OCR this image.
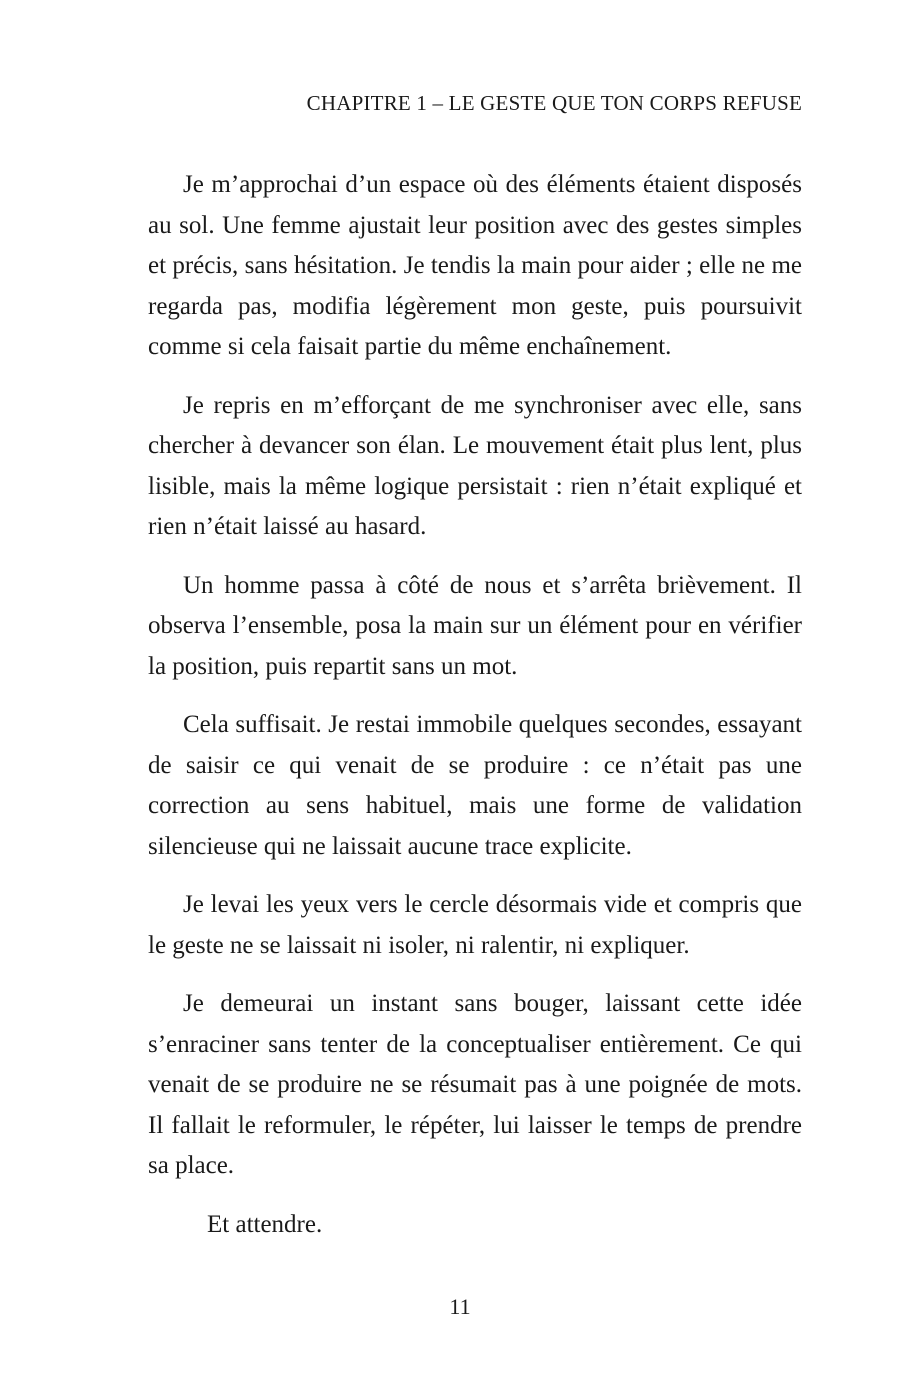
CHAPITRE 1 – LE GESTE QUE TON CORPS REFUSE

Je m’approchai d’un espace où des éléments étaient disposés au sol. Une femme ajustait leur position avec des gestes simples et précis, sans hésitation. Je tendis la main pour aider ; elle ne me regarda pas, modifia légèrement mon geste, puis poursuivit comme si cela faisait partie du même enchaînement.

Je repris en m’efforçant de me synchroniser avec elle, sans chercher à devancer son élan. Le mouvement était plus lent, plus lisible, mais la même logique persistait : rien n’était expliqué et rien n’était laissé au hasard.

Un homme passa à côté de nous et s’arrêta brièvement. Il observa l’ensemble, posa la main sur un élément pour en vérifier la position, puis repartit sans un mot.

Cela suffisait. Je restai immobile quelques secondes, essayant de saisir ce qui venait de se produire : ce n’était pas une correction au sens habituel, mais une forme de validation silencieuse qui ne laissait aucune trace explicite.

Je levai les yeux vers le cercle désormais vide et compris que le geste ne se laissait ni isoler, ni ralentir, ni expliquer.

Je demeurai un instant sans bouger, laissant cette idée s’enraciner sans tenter de la conceptualiser entièrement. Ce qui venait de se produire ne se résumait pas à une poignée de mots. Il fallait le reformuler, le répéter, lui laisser le temps de prendre sa place.

Et attendre.

11
